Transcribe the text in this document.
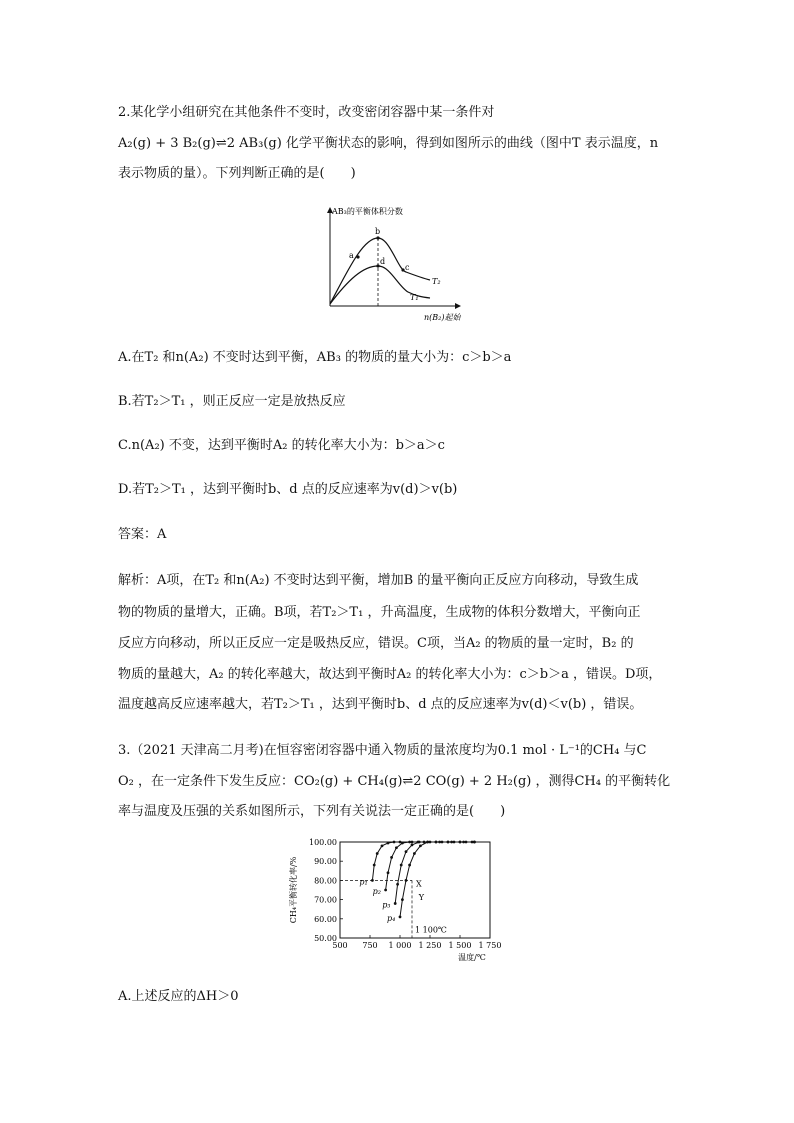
2.某化学小组研究在其他条件不变时，改变密闭容器中某一条件对
A₂(g) + 3 B₂(g)⇌2 AB₃(g) 化学平衡状态的影响，得到如图所示的曲线（图中T 表示温度，n
表示物质的量）。下列判断正确的是(　　)
AB₃的平衡体积分数
n(B₂)起始
a
b
c
d
T₂
T₁
A.在T₂ 和n(A₂) 不变时达到平衡，AB₃ 的物质的量大小为：c＞b＞a
B.若T₂＞T₁ ，则正反应一定是放热反应
C.n(A₂) 不变，达到平衡时A₂ 的转化率大小为：b＞a＞c
D.若T₂＞T₁ ，达到平衡时b、d 点的反应速率为v(d)＞v(b)
答案：A
解析：A项，在T₂ 和n(A₂) 不变时达到平衡，增加B 的量平衡向正反应方向移动，导致生成
物的物质的量增大，正确。B项，若T₂＞T₁ ，升高温度，生成物的体积分数增大，平衡向正
反应方向移动，所以正反应一定是吸热反应，错误。C项，当A₂ 的物质的量一定时，B₂ 的
物质的量越大，A₂ 的转化率越大，故达到平衡时A₂ 的转化率大小为：c＞b＞a ，错误。D项，
温度越高反应速率越大，若T₂＞T₁ ，达到平衡时b、d 点的反应速率为v(d)＜v(b) ，错误。
3.（2021 天津高二月考)在恒容密闭容器中通入物质的量浓度均为0.1 mol · L⁻¹的CH₄ 与C
O₂ ，在一定条件下发生反应：CO₂(g) + CH₄(g)⇌2 CO(g) + 2 H₂(g) ，测得CH₄ 的平衡转化
率与温度及压强的关系如图所示，下列有关说法一定正确的是(　　)
50.00
60.00
70.00
80.00
90.00
100.00
500 750 1 000 1 250 1 500 1 750
温度/℃
CH₄平衡转化率/%	p₁
p₂
p₃
p₄
X
Y
1 100℃
A.上述反应的ΔH＞0
